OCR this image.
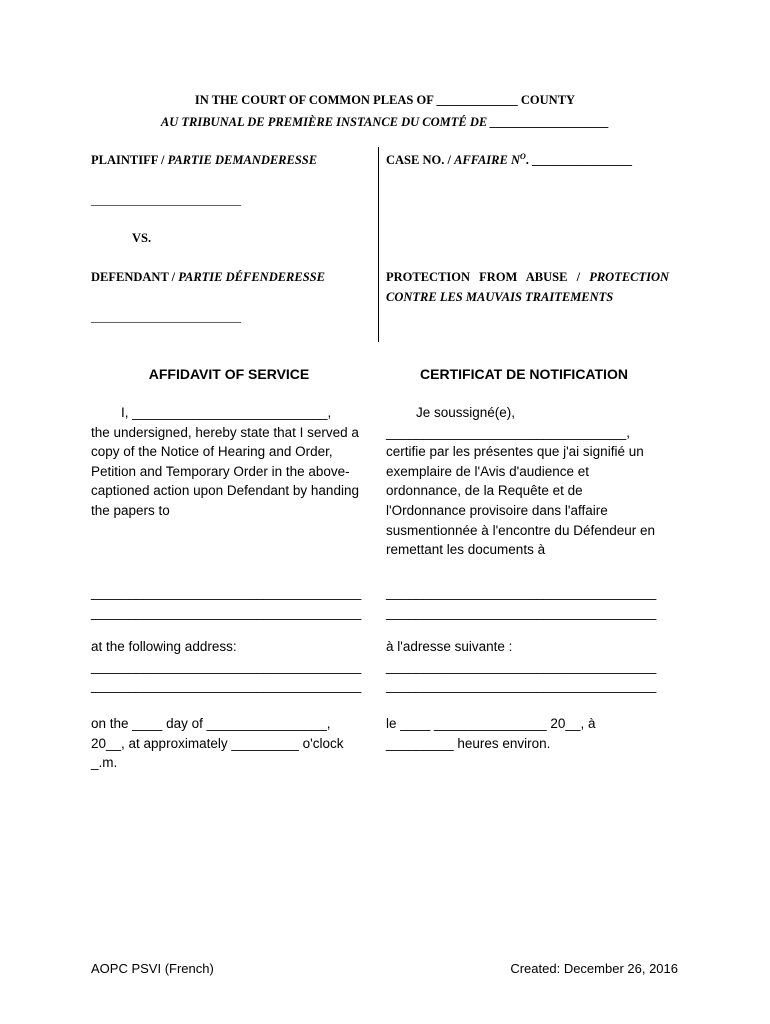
IN THE COURT OF COMMON PLEAS OF _____________ COUNTY
AU TRIBUNAL DE PREMIÈRE INSTANCE DU COMTÉ DE ___________________
PLAINTIFF / PARTIE DEMANDERESSE
________________________
VS.
DEFENDANT / PARTIE DÉFENDERESSE
________________________
CASE NO. / AFFAIRE $N^O$. ________________
PROTECTION FROM ABUSE / PROTECTION
CONTRE LES MAUVAIS TRAITEMENTS
AFFIDAVIT OF SERVICE	CERTIFICAT DE NOTIFICATION
I, __________________________,
the undersigned, hereby state that I served a
copy of the Notice of Hearing and Order,
Petition and Temporary Order in the above-
captioned action upon Defendant by handing
the papers to
Je soussigné(e),
________________________________,
certifie par les présentes que j'ai signifié un
exemplaire de l'Avis d'audience et
ordonnance, de la Requête et de
l'Ordonnance provisoire dans l'affaire
susmentionnée à l'encontre du Défendeur en
remettant les documents à
____________________________________
____________________________________
____________________________________
____________________________________
at the following address:
____________________________________
____________________________________
à l'adresse suivante :
____________________________________
____________________________________
on the ____ day of ________________,
20__, at approximately _________ o'clock
_.m.
le ____ _______________ 20__, à
_________ heures environ.
AOPC PSVI (French)	Created: December 26, 2016
